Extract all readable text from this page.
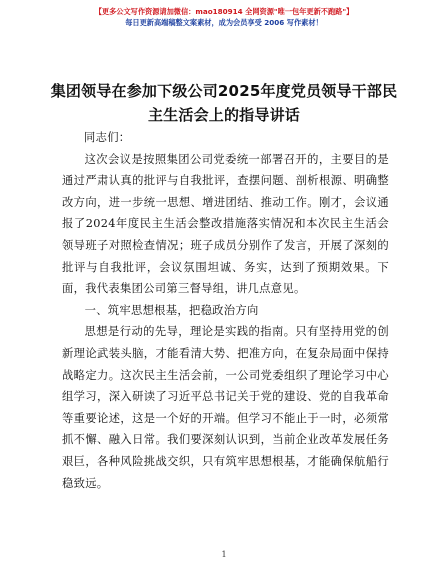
【更多公文写作资源请加微信：mao180914 全网资源"唯一包年更新不跑路"】
每日更新高端稿整文案素材，成为会员享受 2006 写作素材！
集团领导在参加下级公司2025年度党员领导干部民主生活会上的指导讲话

同志们：

这次会议是按照集团公司党委统一部署召开的，主要目的是通过严肃认真的批评与自我批评，查摆问题、剖析根源、明确整改方向，进一步统一思想、增进团结、推动工作。刚才，会议通报了2024年度民主生活会整改措施落实情况和本次民主生活会领导班子对照检查情况；班子成员分别作了发言，开展了深刻的批评与自我批评，会议氛围坦诚、务实，达到了预期效果。下面，我代表集团公司第三督导组，讲几点意见。

一、筑牢思想根基，把稳政治方向

思想是行动的先导，理论是实践的指南。只有坚持用党的创新理论武装头脑，才能看清大势、把准方向，在复杂局面中保持战略定力。这次民主生活会前，一公司党委组织了理论学习中心组学习，深入研读了习近平总书记关于党的建设、党的自我革命等重要论述，这是一个好的开端。但学习不能止于一时，必须常抓不懈、融入日常。我们要深刻认识到，当前企业改革发展任务艰巨，各种风险挑战交织，只有筑牢思想根基，才能确保航船行稳致远。

1
